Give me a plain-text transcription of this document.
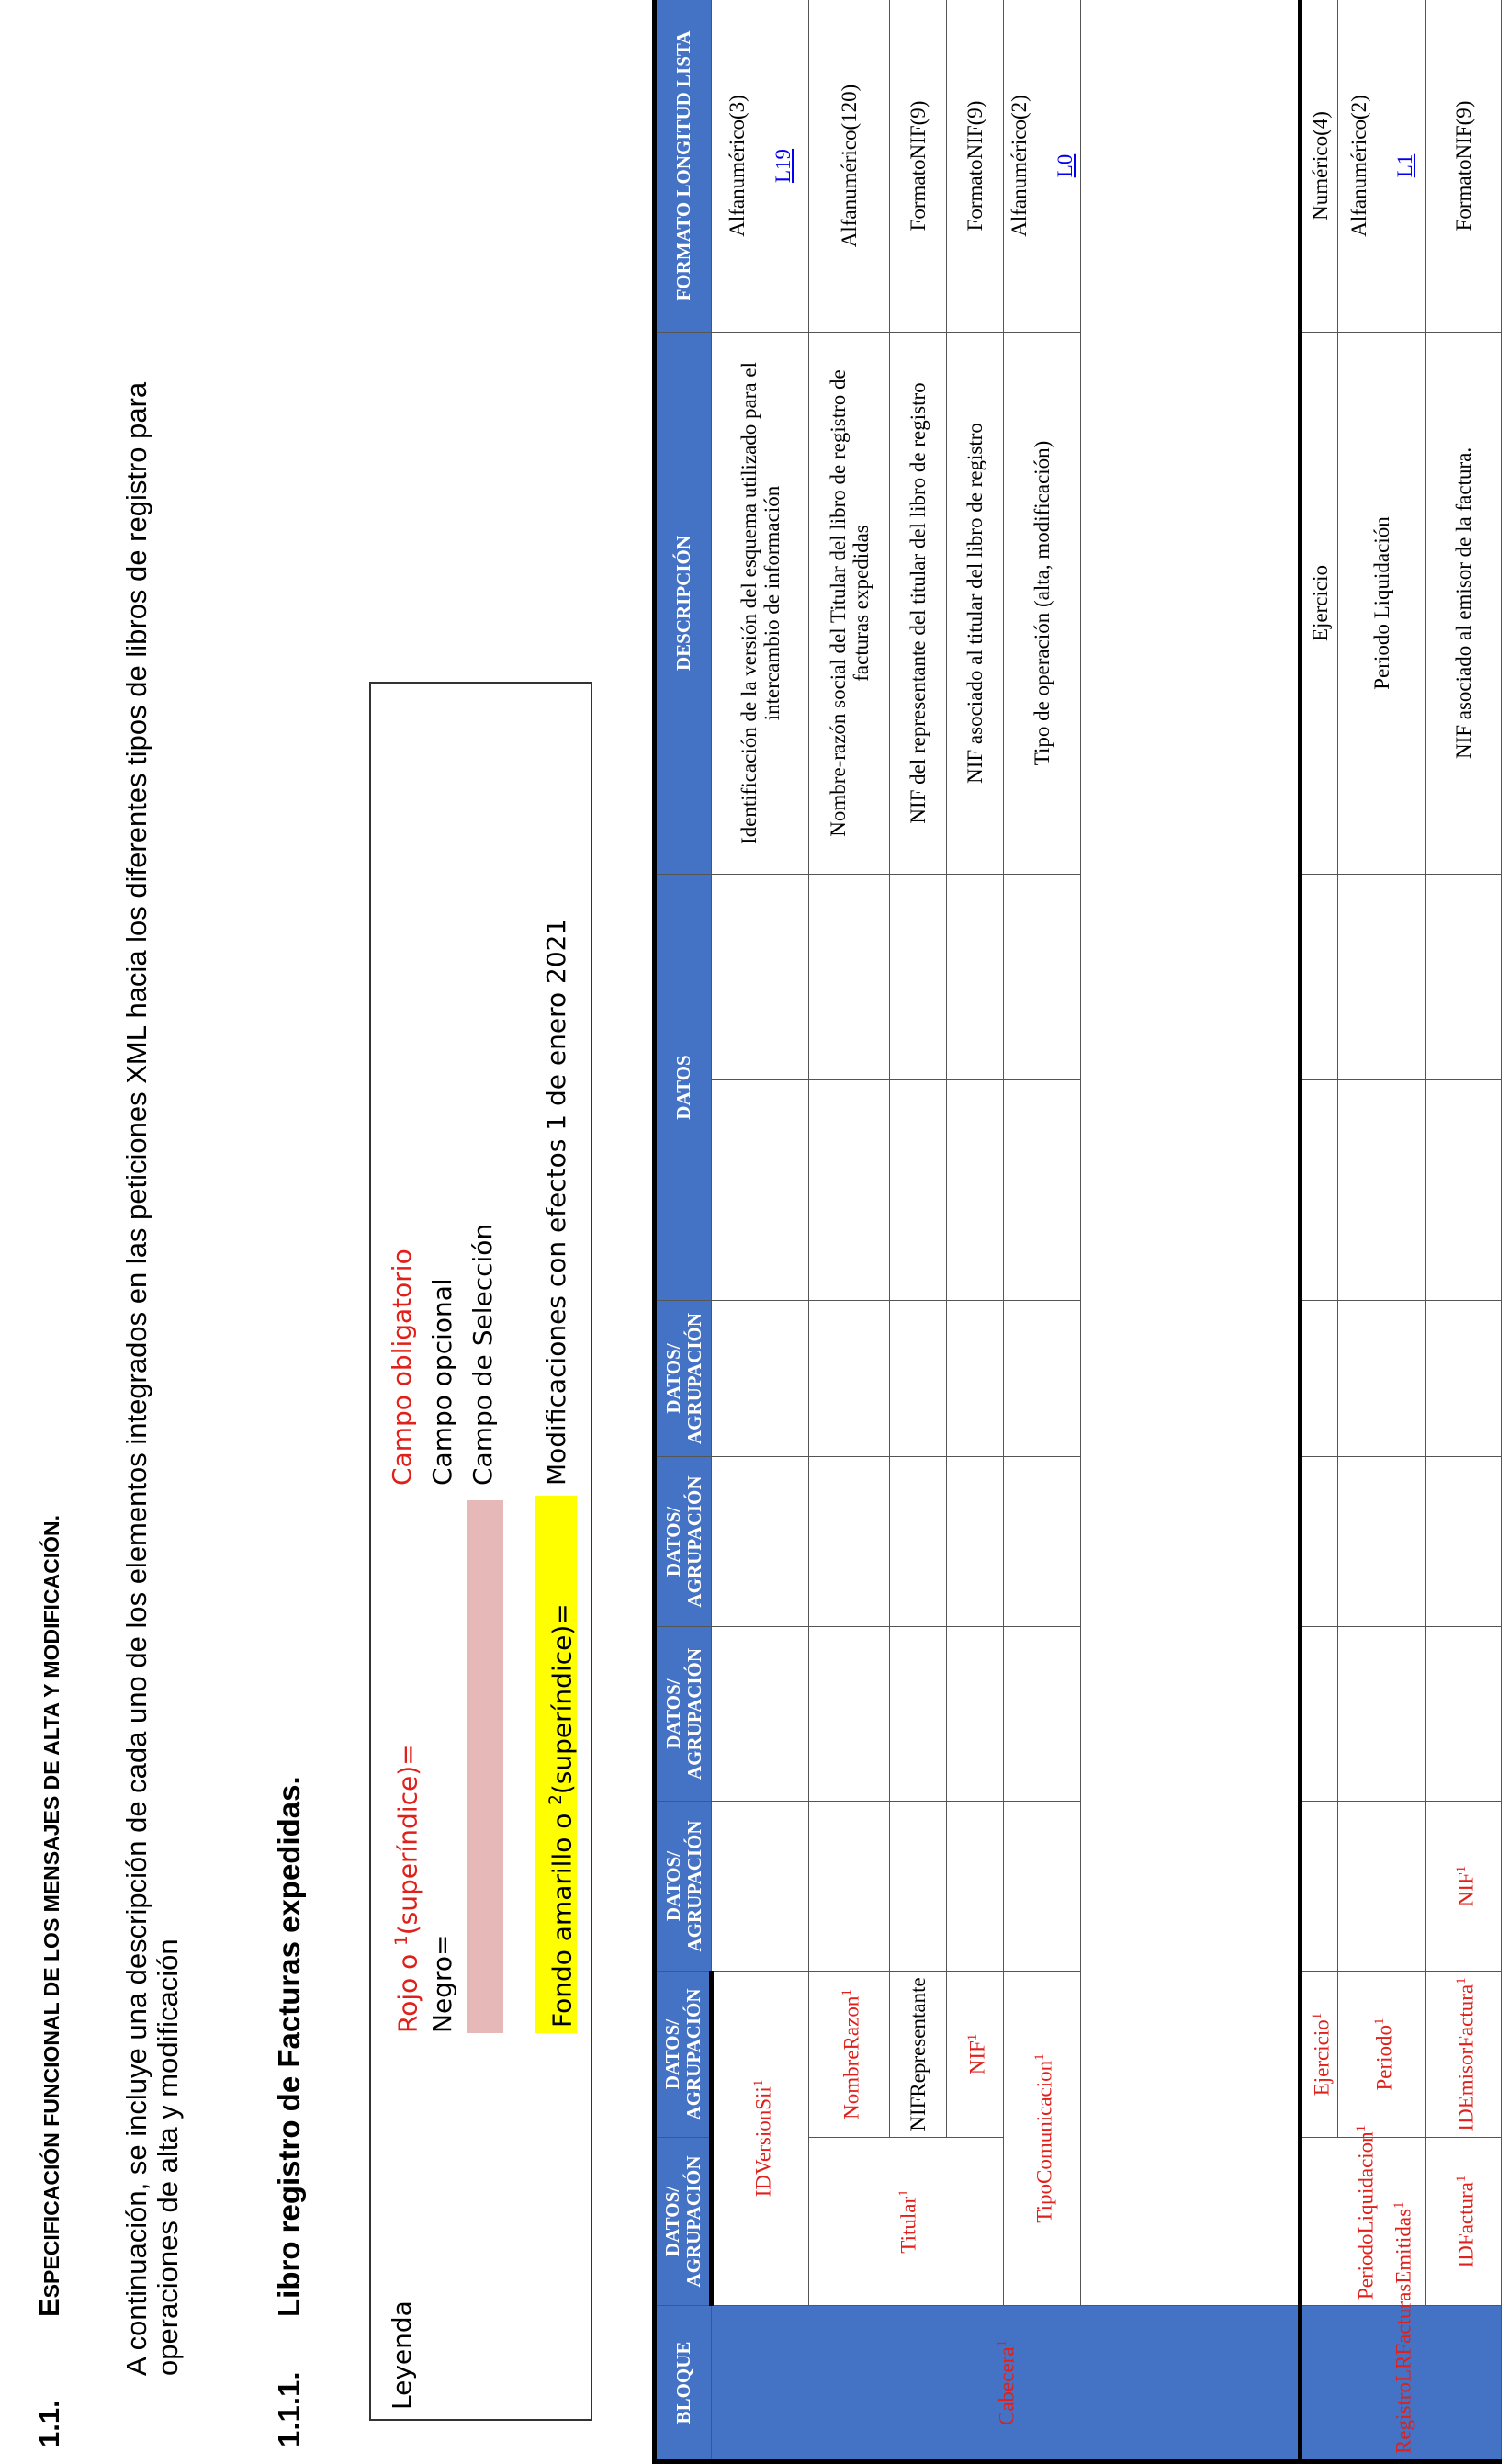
1.1.
ESPECIFICACIÓN FUNCIONAL DE LOS MENSAJES DE ALTA Y MODIFICACIÓN. A continuación, se incluye una descripción de cada uno de los elementos integrados en las peticiones XML hacia los diferentes tipos de libros de registro para operaciones de alta y modificación
1.1.1.
Libro registro de Facturas expedidas.
Leyenda
Rojo o $^1$(superíndice)=
Campo obligatorio
Negro=
Campo opcional Campo de Selección
Fondo amarillo o $^2$(superíndice)=
Modificaciones con efectos 1 de enero 2021
BLOQUE	DATOS/ AGRUPACIÓN	DATOS/ AGRUPACIÓN	DATOS/ AGRUPACIÓN	DATOS/ AGRUPACIÓN	DATOS/ AGRUPACIÓN	DATOS/ AGRUPACIÓN	DATOS		DESCRIPCIÓN	FORMATO LONGITUD LISTA
Cabecera$^1$	IDVersionSii$^1$								Identificación de la versión del esquema utilizado para el intercambio de información	Alfanumérico(3) L19
	Titular$^1$	NombreRazon$^1$							Nombre-razón social del Titular del libro de registro de facturas expedidas	Alfanumérico(120)
		NIFRepresentante							NIF del representante del titular del libro de registro	FormatoNIF(9)
		NIF$^1$							NIF asociado al titular del libro de registro	FormatoNIF(9)
	TipoComunicacion$^1$								Tipo de operación (alta, modificación)	Alfanumérico(2) L0

RegistroLRFacturasEmitidas$^1$	PeriodoLiquidacion$^1$	Ejercicio$^1$							Ejercicio	Numérico(4)
		Periodo$^1$							Periodo Liquidación	Alfanumérico(2) L1
	IDFactura$^1$	IDEmisorFactura$^1$	NIF$^1$						NIF asociado al emisor de la factura.	FormatoNIF(9)
